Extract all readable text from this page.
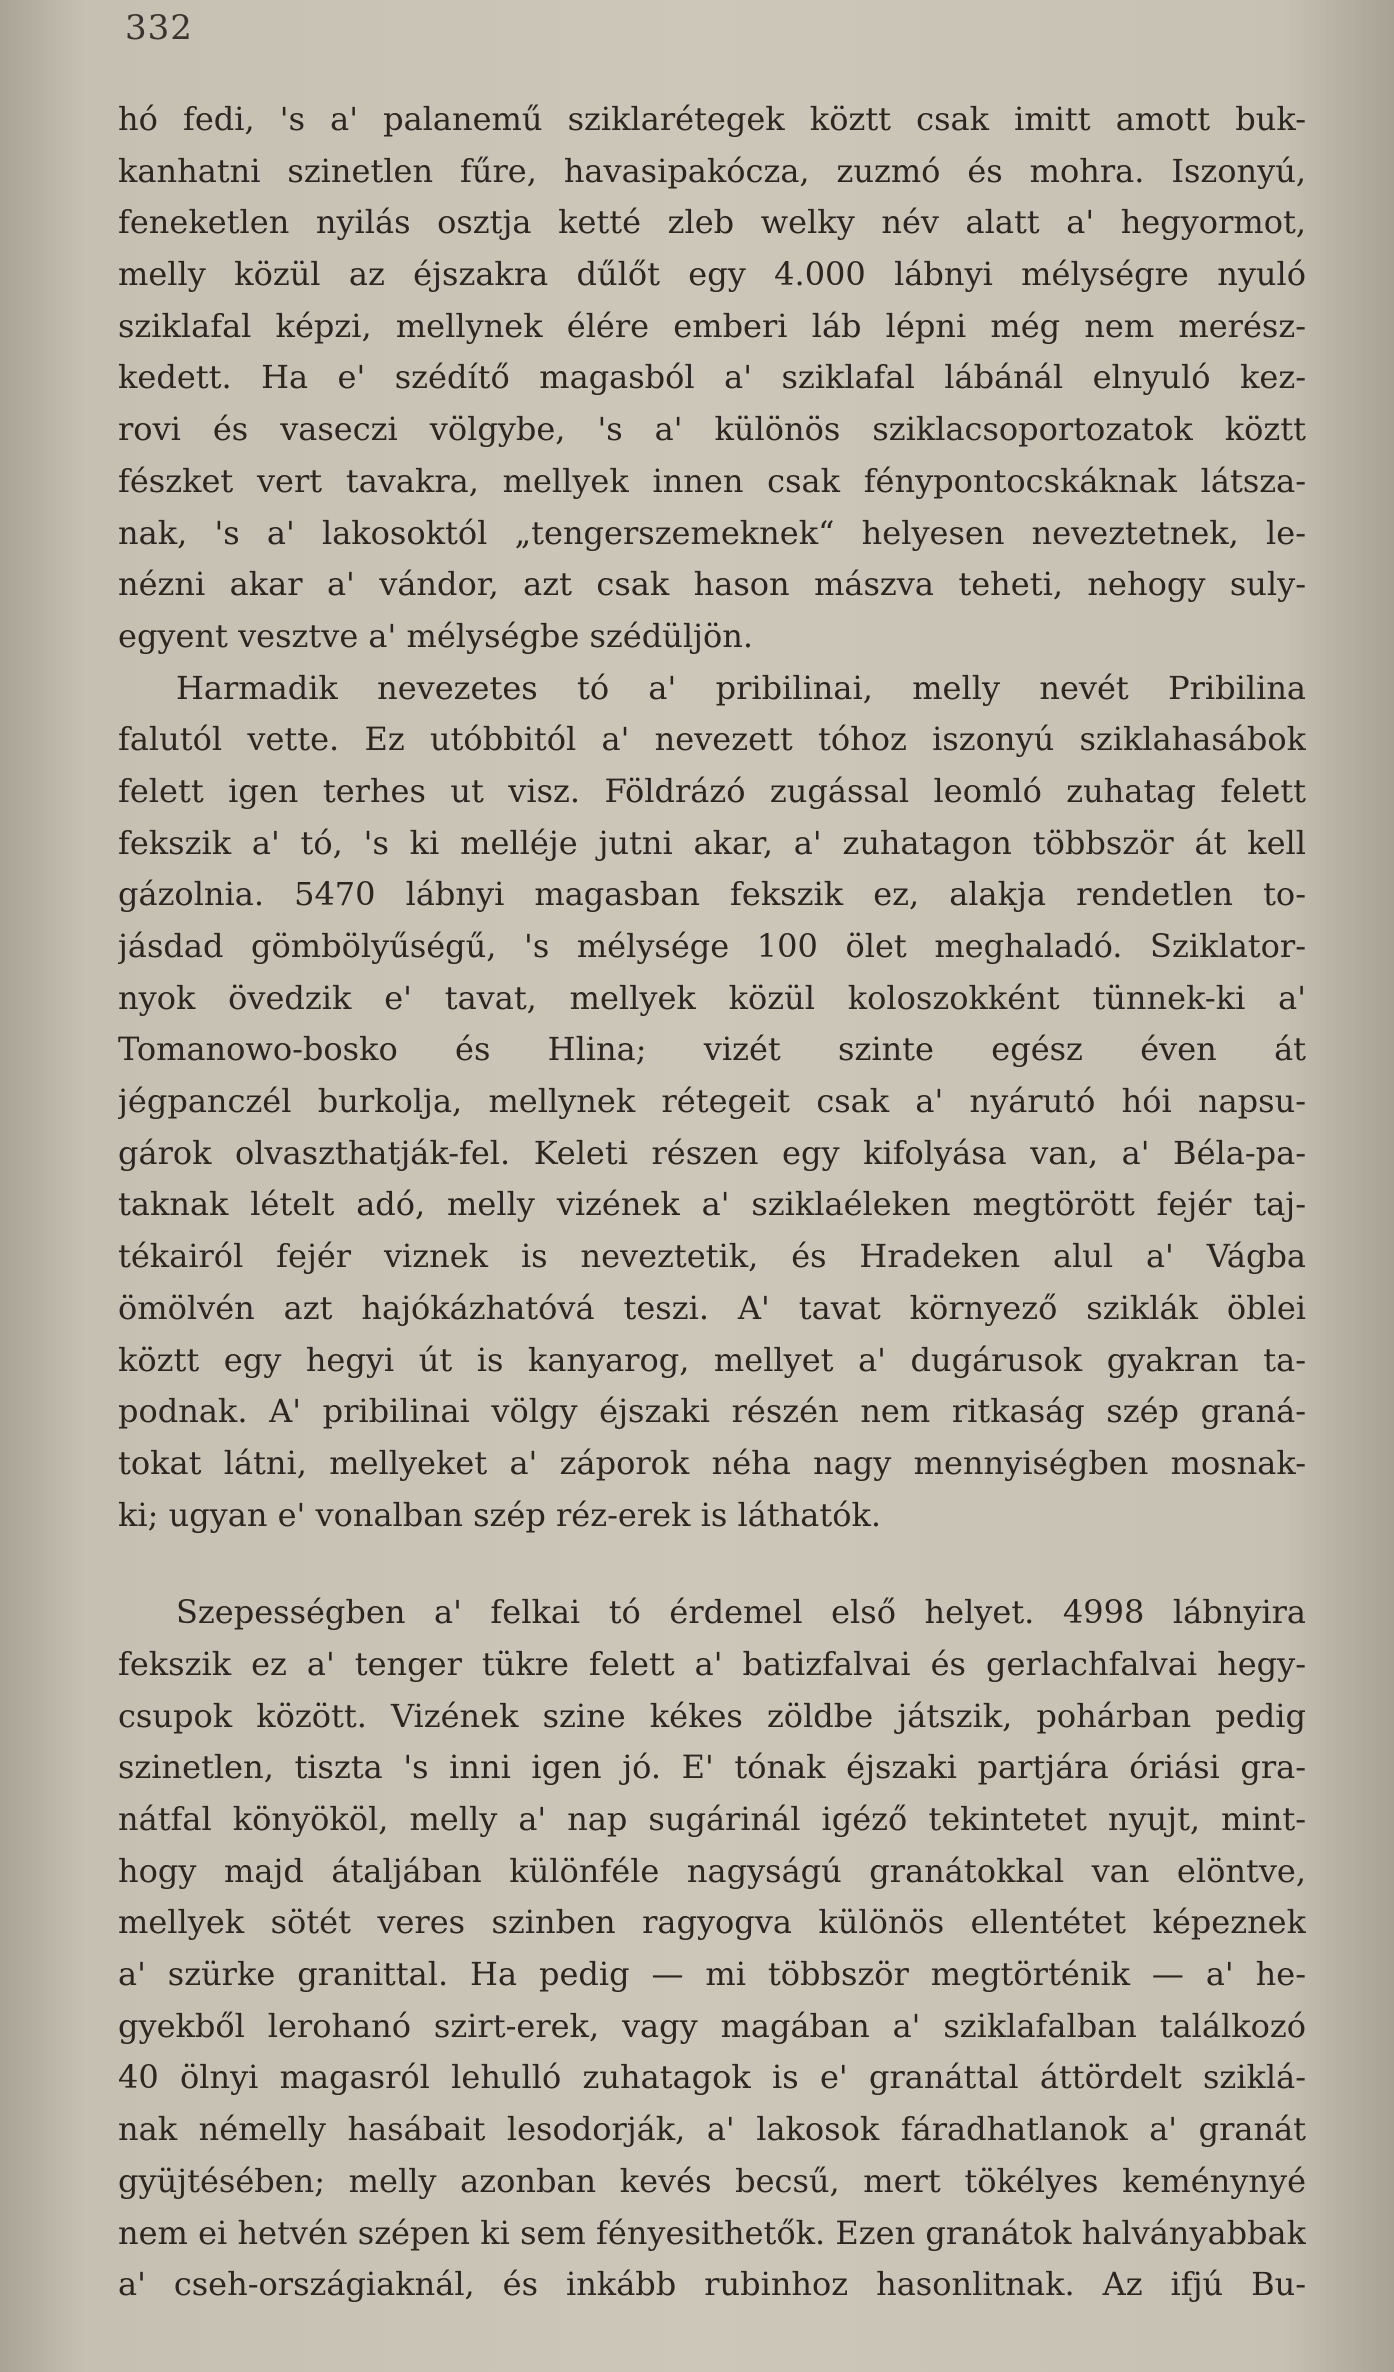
332
hó fedi, 's a' palanemű sziklarétegek köztt csak imitt amott buk-
kanhatni szinetlen fűre, havasipakócza, zuzmó és mohra. Iszonyú,
feneketlen nyilás osztja ketté zleb welky név alatt a' hegyormot,
melly közül az éjszakra dűlőt egy 4.000 lábnyi mélységre nyuló
sziklafal képzi, mellynek élére emberi láb lépni még nem merész-
kedett. Ha e' szédítő magasból a' sziklafal lábánál elnyuló kez-
rovi és vaseczi völgybe, 's a' különös sziklacsoportozatok köztt
fészket vert tavakra, mellyek innen csak fénypontocskáknak látsza-
nak, 's a' lakosoktól „tengerszemeknek“ helyesen neveztetnek, le-
nézni akar a' vándor, azt csak hason mászva teheti, nehogy suly-
egyent vesztve a' mélységbe szédüljön.
Harmadik nevezetes tó a' pribilinai, melly nevét Pribilina
falutól vette. Ez utóbbitól a' nevezett tóhoz iszonyú sziklahasábok
felett igen terhes ut visz. Földrázó zugással leomló zuhatag felett
fekszik a' tó, 's ki melléje jutni akar, a' zuhatagon többször át kell
gázolnia. 5470 lábnyi magasban fekszik ez, alakja rendetlen to-
jásdad gömbölyűségű, 's mélysége 100 ölet meghaladó. Sziklator-
nyok övedzik e' tavat, mellyek közül koloszokként tünnek-ki a'
Tomanowo-bosko és Hlina; vizét szinte egész éven át
jégpanczél burkolja, mellynek rétegeit csak a' nyárutó hói napsu-
gárok olvaszthatják-fel. Keleti részen egy kifolyása van, a' Béla-pa-
taknak lételt adó, melly vizének a' sziklaéleken megtörött fejér taj-
tékairól fejér viznek is neveztetik, és Hradeken alul a' Vágba
ömölvén azt hajókázhatóvá teszi. A' tavat környező sziklák öblei
köztt egy hegyi út is kanyarog, mellyet a' dugárusok gyakran ta-
podnak. A' pribilinai völgy éjszaki részén nem ritkaság szép graná-
tokat látni, mellyeket a' záporok néha nagy mennyiségben mosnak-
ki; ugyan e' vonalban szép réz-erek is láthatók.
Szepességben a' felkai tó érdemel első helyet. 4998 lábnyira
fekszik ez a' tenger tükre felett a' batizfalvai és gerlachfalvai hegy-
csupok között. Vizének szine kékes zöldbe játszik, pohárban pedig
szinetlen, tiszta 's inni igen jó. E' tónak éjszaki partjára óriási gra-
nátfal könyököl, melly a' nap sugárinál igéző tekintetet nyujt, mint-
hogy majd átaljában különféle nagyságú granátokkal van elöntve,
mellyek sötét veres szinben ragyogva különös ellentétet képeznek
a' szürke granittal. Ha pedig — mi többször megtörténik — a' he-
gyekből lerohanó szirt-erek, vagy magában a' sziklafalban találkozó
40 ölnyi magasról lehulló zuhatagok is e' granáttal áttördelt sziklá-
nak némelly hasábait lesodorják, a' lakosok fáradhatlanok a' granát
gyüjtésében; melly azonban kevés becsű, mert tökélyes keménynyé
nem ei hetvén szépen ki sem fényesithetők. Ezen granátok halványabbak
a' cseh-országiaknál, és inkább rubinhoz hasonlitnak. Az ifjú Bu-
